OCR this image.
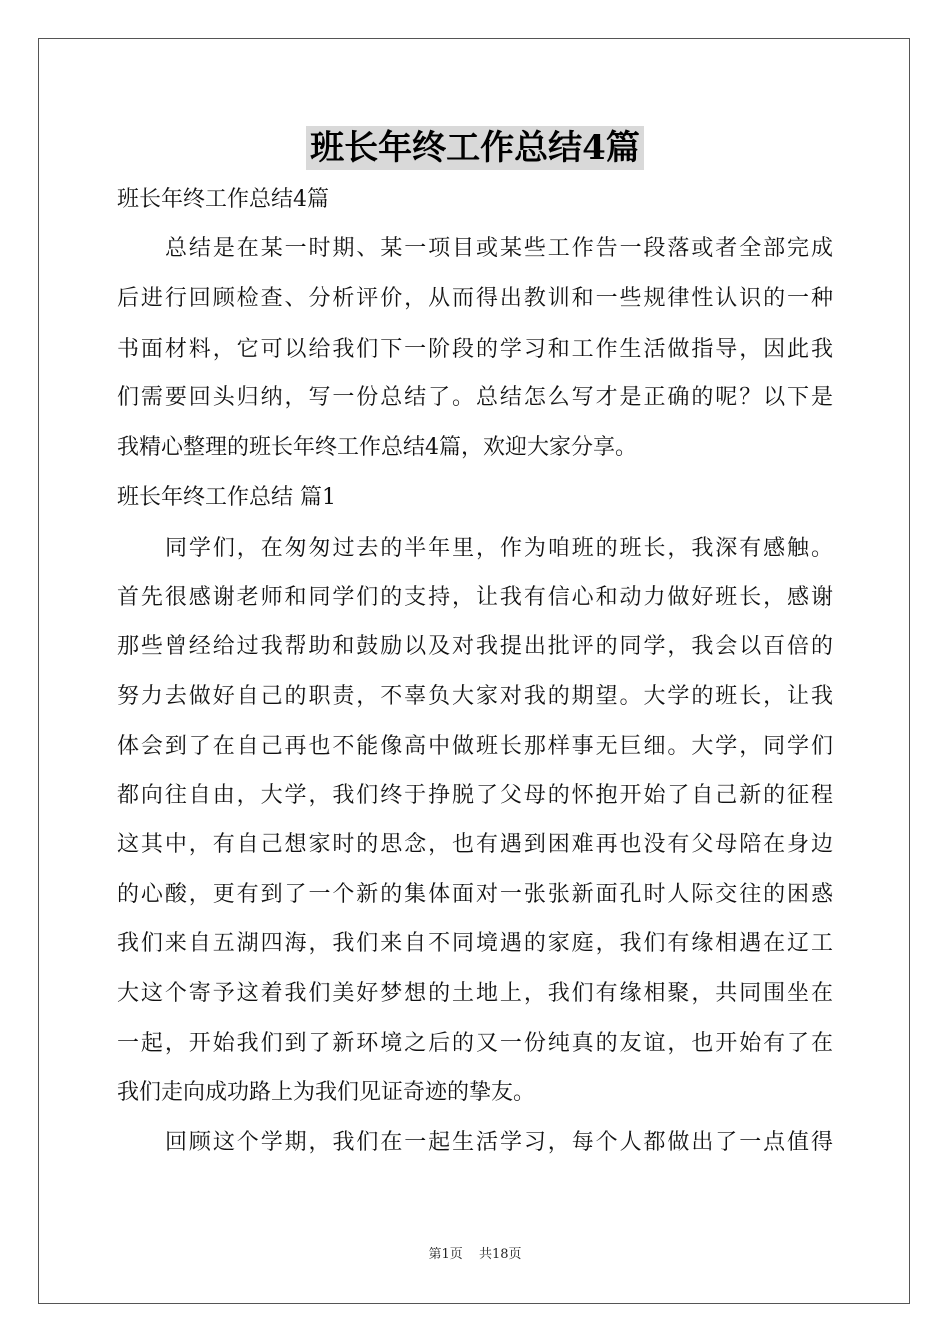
班长年终工作总结4篇
班长年终工作总结4篇
总结是在某一时期、某一项目或某些工作告一段落或者全部完成
后进行回顾检查、分析评价，从而得出教训和一些规律性认识的一种
书面材料，它可以给我们下一阶段的学习和工作生活做指导，因此我
们需要回头归纳，写一份总结了。总结怎么写才是正确的呢？以下是
我精心整理的班长年终工作总结4篇，欢迎大家分享。
班长年终工作总结 篇1
同学们，在匆匆过去的半年里，作为咱班的班长，我深有感触。
首先很感谢老师和同学们的支持，让我有信心和动力做好班长，感谢
那些曾经给过我帮助和鼓励以及对我提出批评的同学，我会以百倍的
努力去做好自己的职责，不辜负大家对我的期望。大学的班长，让我
体会到了在自己再也不能像高中做班长那样事无巨细。大学，同学们
都向往自由，大学，我们终于挣脱了父母的怀抱开始了自己新的征程
这其中，有自己想家时的思念，也有遇到困难再也没有父母陪在身边
的心酸，更有到了一个新的集体面对一张张新面孔时人际交往的困惑
我们来自五湖四海，我们来自不同境遇的家庭，我们有缘相遇在辽工
大这个寄予这着我们美好梦想的土地上，我们有缘相聚，共同围坐在
一起，开始我们到了新环境之后的又一份纯真的友谊，也开始有了在
我们走向成功路上为我们见证奇迹的挚友。
回顾这个学期，我们在一起生活学习，每个人都做出了一点值得
第1页 共18页
